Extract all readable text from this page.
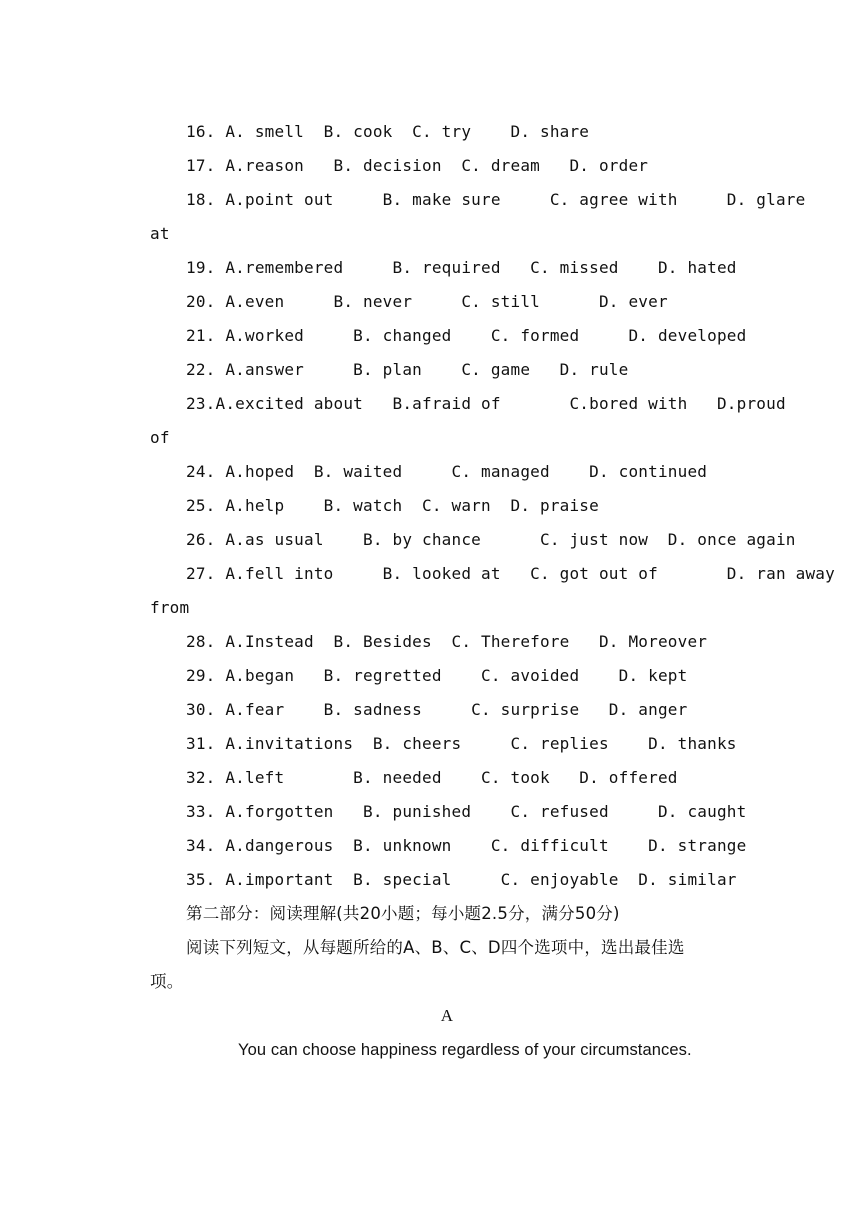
16. A. smell  B. cook  C. try    D. share
17. A.reason   B. decision  C. dream   D. order
18. A.point out     B. make sure     C. agree with     D. glare
at
19. A.remembered     B. required   C. missed    D. hated
20. A.even     B. never     C. still      D. ever
21. A.worked     B. changed    C. formed     D. developed
22. A.answer     B. plan    C. game   D. rule
23.A.excited about   B.afraid of       C.bored with   D.proud
of
24. A.hoped  B. waited     C. managed    D. continued
25. A.help    B. watch  C. warn  D. praise
26. A.as usual    B. by chance      C. just now  D. once again
27. A.fell into     B. looked at   C. got out of       D. ran away
from
28. A.Instead  B. Besides  C. Therefore   D. Moreover
29. A.began   B. regretted    C. avoided    D. kept
30. A.fear    B. sadness     C. surprise   D. anger
31. A.invitations  B. cheers     C. replies    D. thanks
32. A.left       B. needed    C. took   D. offered
33. A.forgotten   B. punished    C. refused     D. caught
34. A.dangerous  B. unknown    C. difficult    D. strange
35. A.important  B. special     C. enjoyable  D. similar
第二部分：阅读理解(共20小题；每小题2.5分，满分50分)
阅读下列短文，从每题所给的A、B、C、D四个选项中，选出最佳选
项。
A
You can choose happiness regardless of your circumstances.
